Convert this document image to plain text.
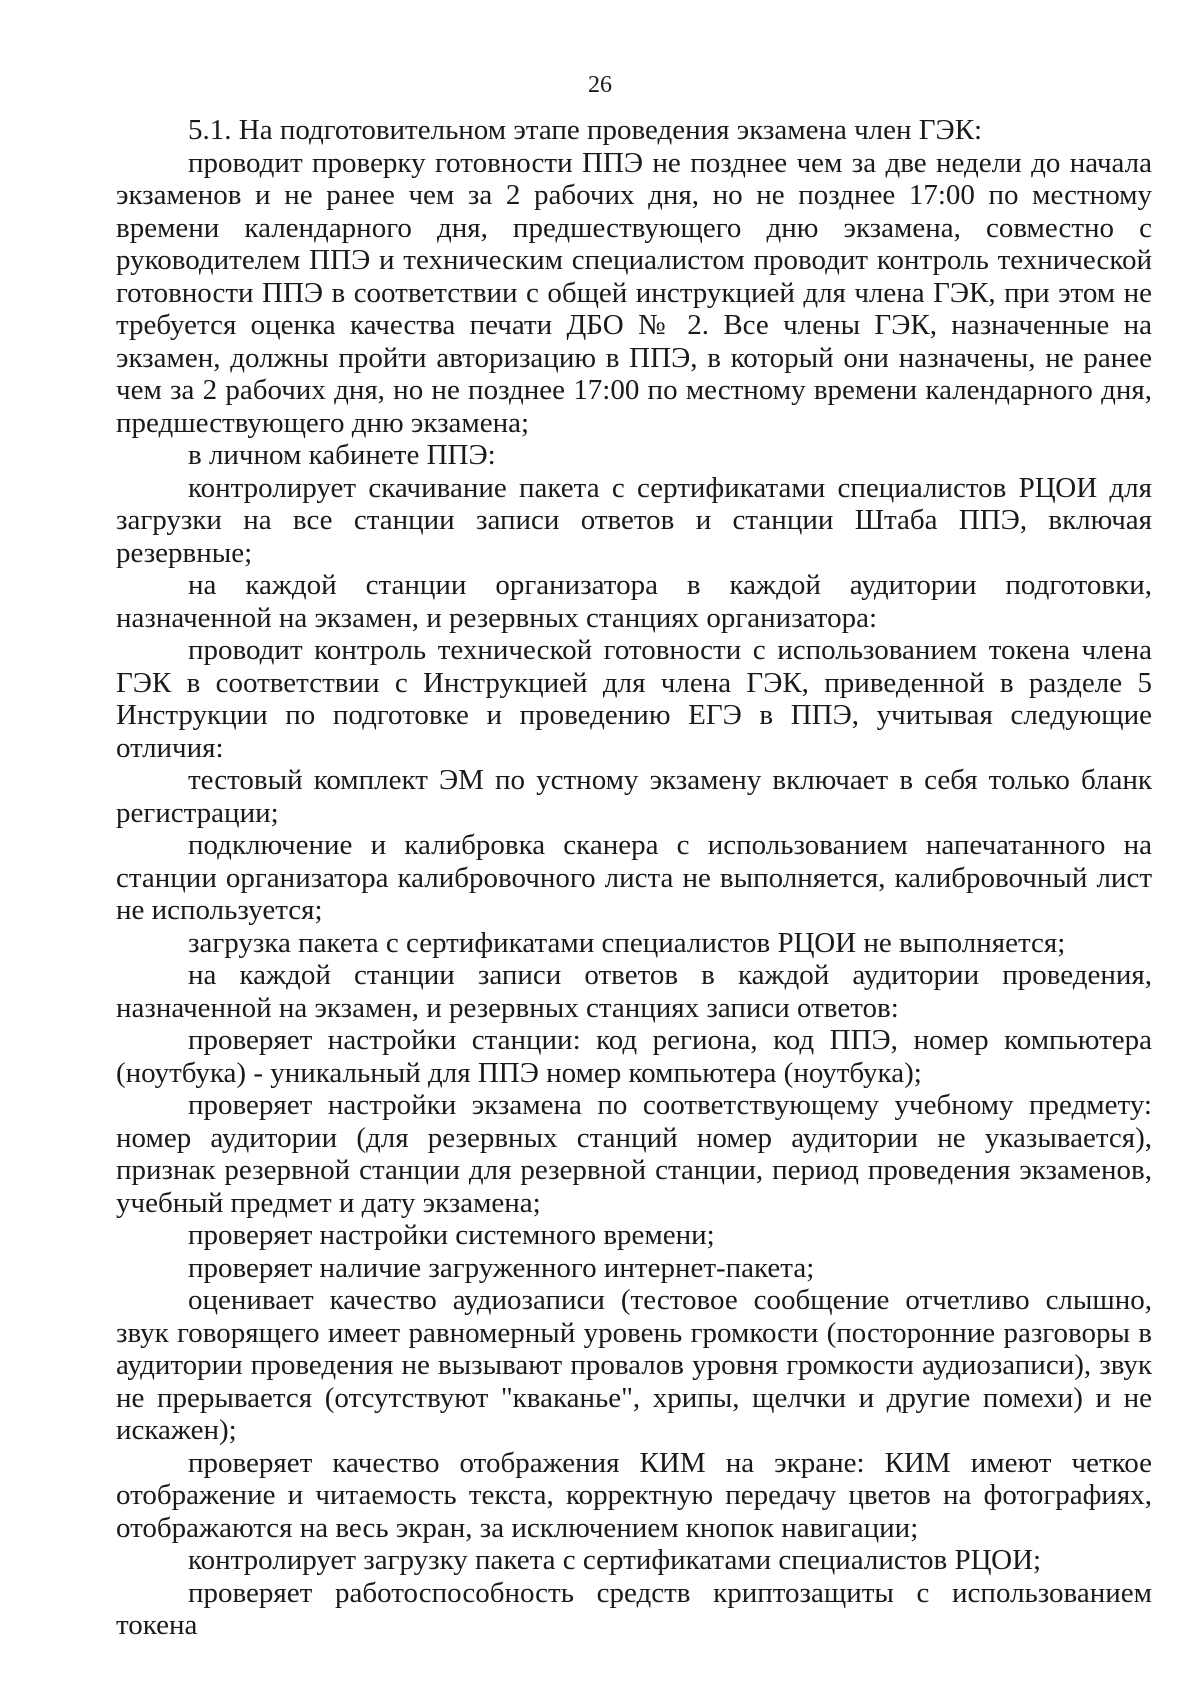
26

5.1. На подготовительном этапе проведения экзамена член ГЭК:

проводит проверку готовности ППЭ не позднее чем за две недели до начала экзаменов и не ранее чем за 2 рабочих дня, но не позднее 17:00 по местному времени календарного дня, предшествующего дню экзамена, совместно с руководителем ППЭ и техническим специалистом проводит контроль технической готовности ППЭ в соответствии с общей инструкцией для члена ГЭК, при этом не требуется оценка качества печати ДБО № 2. Все члены ГЭК, назначенные на экзамен, должны пройти авторизацию в ППЭ, в который они назначены, не ранее чем за 2 рабочих дня, но не позднее 17:00 по местному времени календарного дня, предшествующего дню экзамена;

в личном кабинете ППЭ:

контролирует скачивание пакета с сертификатами специалистов РЦОИ для загрузки на все станции записи ответов и станции Штаба ППЭ, включая резервные;

на каждой станции организатора в каждой аудитории подготовки, назначенной на экзамен, и резервных станциях организатора:

проводит контроль технической готовности с использованием токена члена ГЭК в соответствии с Инструкцией для члена ГЭК, приведенной в разделе 5 Инструкции по подготовке и проведению ЕГЭ в ППЭ, учитывая следующие отличия:

тестовый комплект ЭМ по устному экзамену включает в себя только бланк регистрации;

подключение и калибровка сканера с использованием напечатанного на станции организатора калибровочного листа не выполняется, калибровочный лист не используется;

загрузка пакета с сертификатами специалистов РЦОИ не выполняется;

на каждой станции записи ответов в каждой аудитории проведения, назначенной на экзамен, и резервных станциях записи ответов:

проверяет настройки станции: код региона, код ППЭ, номер компьютера (ноутбука) - уникальный для ППЭ номер компьютера (ноутбука);

проверяет настройки экзамена по соответствующему учебному предмету: номер аудитории (для резервных станций номер аудитории не указывается), признак резервной станции для резервной станции, период проведения экзаменов, учебный предмет и дату экзамена;

проверяет настройки системного времени;

проверяет наличие загруженного интернет-пакета;

оценивает качество аудиозаписи (тестовое сообщение отчетливо слышно, звук говорящего имеет равномерный уровень громкости (посторонние разговоры в аудитории проведения не вызывают провалов уровня громкости аудиозаписи), звук не прерывается (отсутствуют "кваканье", хрипы, щелчки и другие помехи) и не искажен);

проверяет качество отображения КИМ на экране: КИМ имеют четкое отображение и читаемость текста, корректную передачу цветов на фотографиях, отображаются на весь экран, за исключением кнопок навигации;

контролирует загрузку пакета с сертификатами специалистов РЦОИ;

проверяет работоспособность средств криптозащиты с использованием токена
